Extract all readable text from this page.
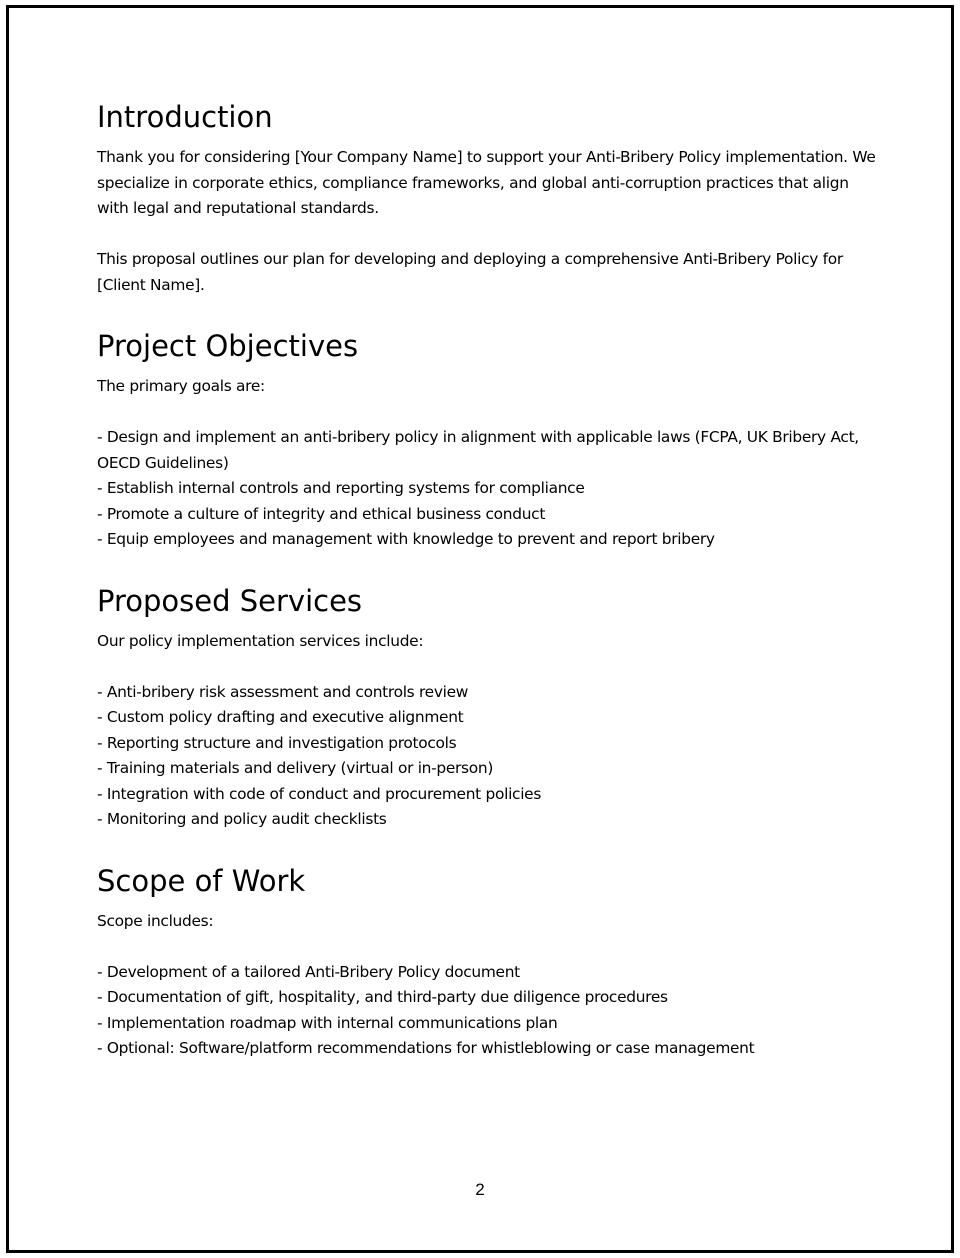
Introduction

Thank you for considering [Your Company Name] to support your Anti-Bribery Policy implementation. We specialize in corporate ethics, compliance frameworks, and global anti-corruption practices that align with legal and reputational standards.

This proposal outlines our plan for developing and deploying a comprehensive Anti-Bribery Policy for [Client Name].

Project Objectives

The primary goals are:

- Design and implement an anti-bribery policy in alignment with applicable laws (FCPA, UK Bribery Act, OECD Guidelines)
- Establish internal controls and reporting systems for compliance
- Promote a culture of integrity and ethical business conduct
- Equip employees and management with knowledge to prevent and report bribery
Proposed Services

Our policy implementation services include:

- Anti-bribery risk assessment and controls review
- Custom policy drafting and executive alignment
- Reporting structure and investigation protocols
- Training materials and delivery (virtual or in-person)
- Integration with code of conduct and procurement policies
- Monitoring and policy audit checklists
Scope of Work

Scope includes:

- Development of a tailored Anti-Bribery Policy document
- Documentation of gift, hospitality, and third-party due diligence procedures
- Implementation roadmap with internal communications plan
- Optional: Software/platform recommendations for whistleblowing or case management
2
